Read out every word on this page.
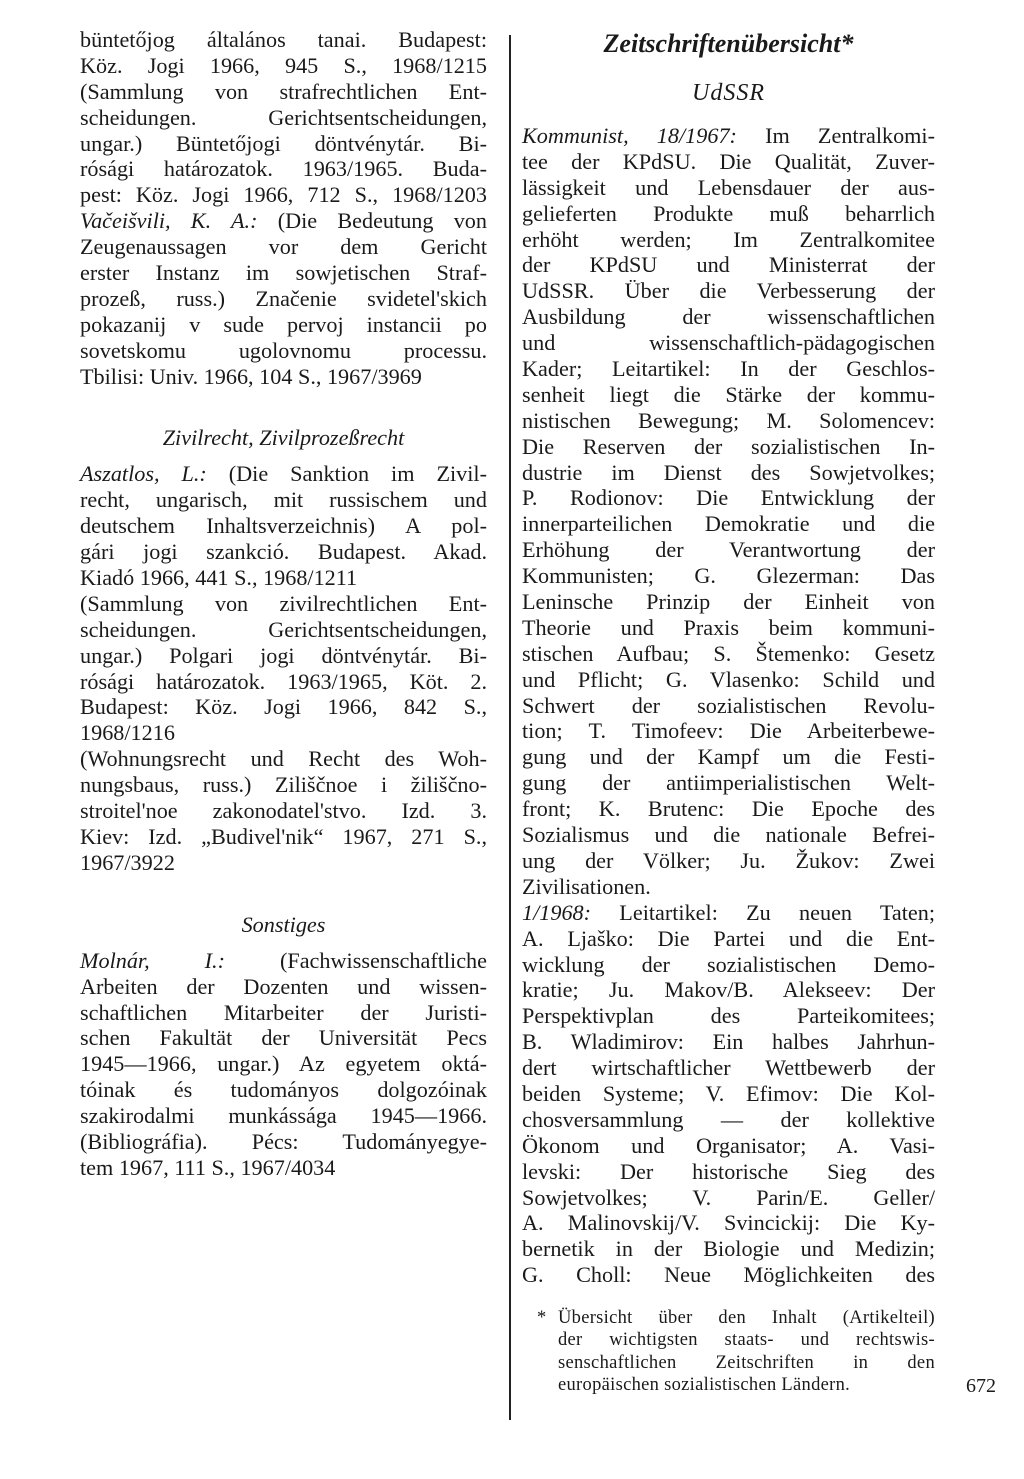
büntetőjog általános tanai. Budapest:
Köz. Jogi 1966, 945 S., 1968/1215
(Sammlung von strafrechtlichen Ent-
scheidungen. Gerichtsentscheidungen,
ungar.) Büntetőjogi döntvénytár. Bi-
rósági határozatok. 1963/1965. Buda-
pest: Köz. Jogi 1966, 712 S., 1968/1203
Vačeišvili, K. A.: (Die Bedeutung von
Zeugenaussagen vor dem Gericht
erster Instanz im sowjetischen Straf-
prozeß, russ.) Značenie svidetel'skich
pokazanij v sude pervoj instancii po
sovetskomu ugolovnomu processu.
Tbilisi: Univ. 1966, 104 S., 1967/3969
Zivilrecht, Zivilprozeßrecht
Aszatlos, L.: (Die Sanktion im Zivil-
recht, ungarisch, mit russischem und
deutschem Inhaltsverzeichnis) A pol-
gári jogi szankció. Budapest. Akad.
Kiadó 1966, 441 S., 1968/1211
(Sammlung von zivilrechtlichen Ent-
scheidungen. Gerichtsentscheidungen,
ungar.) Polgari jogi döntvénytár. Bi-
rósági határozatok. 1963/1965, Köt. 2.
Budapest: Köz. Jogi 1966, 842 S.,
1968/1216
(Wohnungsrecht und Recht des Woh-
nungsbaus, russ.) Ziliščnoe i žiliščno-
stroitel'noe zakonodatel'stvo. Izd. 3.
Kiev: Izd. „Budivel'nik“ 1967, 271 S.,
1967/3922
Sonstiges
Molnár, I.: (Fachwissenschaftliche
Arbeiten der Dozenten und wissen-
schaftlichen Mitarbeiter der Juristi-
schen Fakultät der Universität Pecs
1945—1966, ungar.) Az egyetem oktá-
tóinak és tudományos dolgozóinak
szakirodalmi munkássága 1945—1966.
(Bibliográfia). Pécs: Tudományegye-
tem 1967, 111 S., 1967/4034
Zeitschriftenübersicht*
UdSSR
Kommunist, 18/1967: Im Zentralkomi-
tee der KPdSU. Die Qualität, Zuver-
lässigkeit und Lebensdauer der aus-
gelieferten Produkte muß beharrlich
erhöht werden; Im Zentralkomitee
der KPdSU und Ministerrat der
UdSSR. Über die Verbesserung der
Ausbildung der wissenschaftlichen
und wissenschaftlich-pädagogischen
Kader; Leitartikel: In der Geschlos-
senheit liegt die Stärke der kommu-
nistischen Bewegung; M. Solomencev:
Die Reserven der sozialistischen In-
dustrie im Dienst des Sowjetvolkes;
P. Rodionov: Die Entwicklung der
innerparteilichen Demokratie und die
Erhöhung der Verantwortung der
Kommunisten; G. Glezerman: Das
Leninsche Prinzip der Einheit von
Theorie und Praxis beim kommuni-
stischen Aufbau; S. Štemenko: Gesetz
und Pflicht; G. Vlasenko: Schild und
Schwert der sozialistischen Revolu-
tion; T. Timofeev: Die Arbeiterbewe-
gung und der Kampf um die Festi-
gung der antiimperialistischen Welt-
front; K. Brutenc: Die Epoche des
Sozialismus und die nationale Befrei-
ung der Völker; Ju. Žukov: Zwei
Zivilisationen.
1/1968: Leitartikel: Zu neuen Taten;
A. Ljaško: Die Partei und die Ent-
wicklung der sozialistischen Demo-
kratie; Ju. Makov/B. Alekseev: Der
Perspektivplan des Parteikomitees;
B. Wladimirov: Ein halbes Jahrhun-
dert wirtschaftlicher Wettbewerb der
beiden Systeme; V. Efimov: Die Kol-
chosversammlung — der kollektive
Ökonom und Organisator; A. Vasi-
levski: Der historische Sieg des
Sowjetvolkes; V. Parin/E. Geller/
A. Malinovskij/V. Svincickij: Die Ky-
bernetik in der Biologie und Medizin;
G. Choll: Neue Möglichkeiten des
* Übersicht über den Inhalt (Artikelteil)
der wichtigsten staats- und rechtswis-
senschaftlichen Zeitschriften in den
europäischen sozialistischen Ländern.	672
